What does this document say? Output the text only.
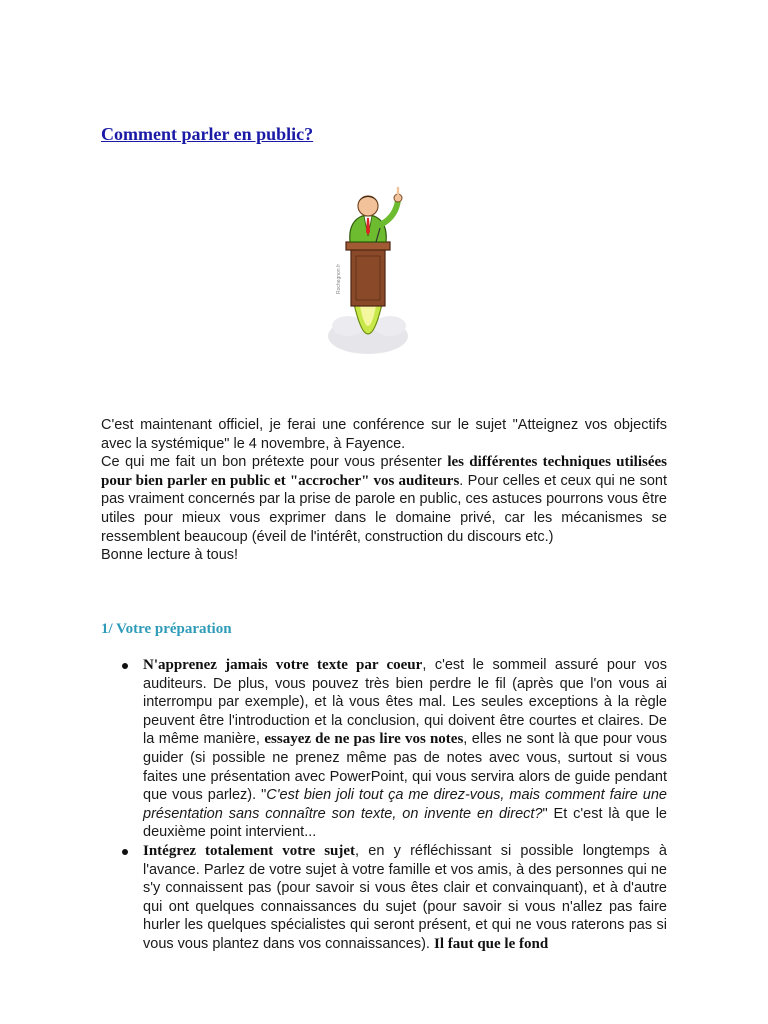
Comment parler en public?
Rochegnon.fr

C'est maintenant officiel, je ferai une conférence sur le sujet "Atteignez vos objectifs avec la systémique" le 4 novembre, à Fayence.

Ce qui me fait un bon prétexte pour vous présenter les différentes techniques utilisées pour bien parler en public et "accrocher" vos auditeurs. Pour celles et ceux qui ne sont pas vraiment concernés par la prise de parole en public, ces astuces pourrons vous être utiles pour mieux vous exprimer dans le domaine privé, car les mécanismes se ressemblent beaucoup (éveil de l'intérêt, construction du discours etc.)

Bonne lecture à tous!

1/ Votre préparation
N'apprenez jamais votre texte par coeur, c'est le sommeil assuré pour vos auditeurs. De plus, vous pouvez très bien perdre le fil (après que l'on vous ai interrompu par exemple), et là vous êtes mal. Les seules exceptions à la règle peuvent être l'introduction et la conclusion, qui doivent être courtes et claires. De la même manière, essayez de ne pas lire vos notes, elles ne sont là que pour vous guider (si possible ne prenez même pas de notes avec vous, surtout si vous faites une présentation avec PowerPoint, qui vous servira alors de guide pendant que vous parlez). "C'est bien joli tout ça me direz-vous, mais comment faire une présentation sans connaître son texte, on invente en direct?" Et c'est là que le deuxième point intervient...
Intégrez totalement votre sujet, en y réfléchissant si possible longtemps à l'avance. Parlez de votre sujet à votre famille et vos amis, à des personnes qui ne s'y connaissent pas (pour savoir si vous êtes clair et convainquant), et à d'autre qui ont quelques connaissances du sujet (pour savoir si vous n'allez pas faire hurler les quelques spécialistes qui seront présent, et qui ne vous raterons pas si vous vous plantez dans vos connaissances). Il faut que le fond
